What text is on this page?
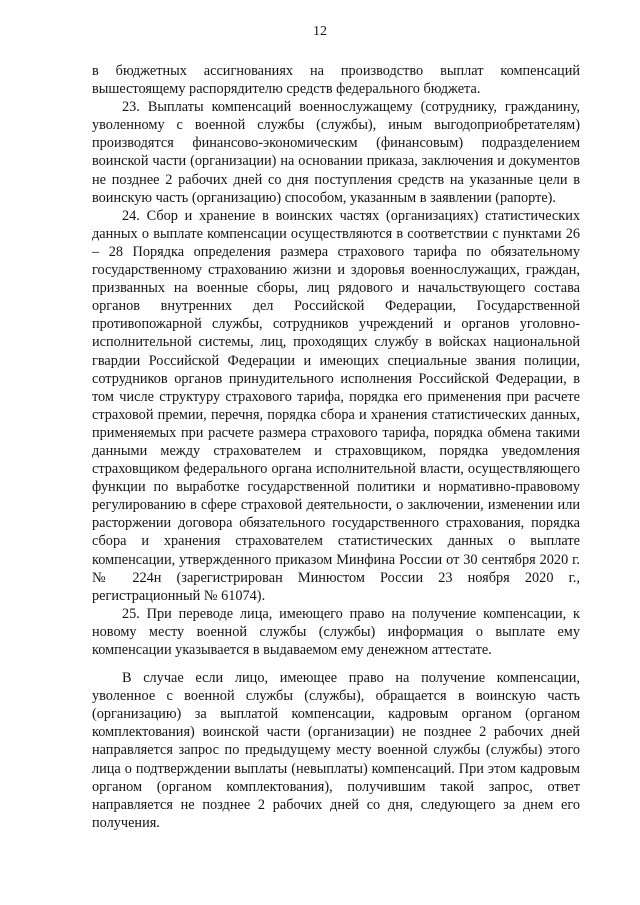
12

в бюджетных ассигнованиях на производство выплат компенсаций вышестоящему распорядителю средств федерального бюджета.

23. Выплаты компенсаций военнослужащему (сотруднику, гражданину, уволенному с военной службы (службы), иным выгодоприобретателям) производятся финансово-экономическим (финансовым) подразделением воинской части (организации) на основании приказа, заключения и документов не позднее 2 рабочих дней со дня поступления средств на указанные цели в воинскую часть (организацию) способом, указанным в заявлении (рапорте).

24. Сбор и хранение в воинских частях (организациях) статистических данных о выплате компенсации осуществляются в соответствии с пунктами 26 – 28 Порядка определения размера страхового тарифа по обязательному государственному страхованию жизни и здоровья военнослужащих, граждан, призванных на военные сборы, лиц рядового и начальствующего состава органов внутренних дел Российской Федерации, Государственной противопожарной службы, сотрудников учреждений и органов уголовно-исполнительной системы, лиц, проходящих службу в войсках национальной гвардии Российской Федерации и имеющих специальные звания полиции, сотрудников органов принудительного исполнения Российской Федерации, в том числе структуру страхового тарифа, порядка его применения при расчете страховой премии, перечня, порядка сбора и хранения статистических данных, применяемых при расчете размера страхового тарифа, порядка обмена такими данными между страхователем и страховщиком, порядка уведомления страховщиком федерального органа исполнительной власти, осуществляющего функции по выработке государственной политики и нормативно-правовому регулированию в сфере страховой деятельности, о заключении, изменении или расторжении договора обязательного государственного страхования, порядка сбора и хранения страхователем статистических данных о выплате компенсации, утвержденного приказом Минфина России от 30 сентября 2020 г. № 224н (зарегистрирован Минюстом России 23 ноября 2020 г., регистрационный № 61074).

25. При переводе лица, имеющего право на получение компенсации, к новому месту военной службы (службы) информация о выплате ему компенсации указывается в выдаваемом ему денежном аттестате.

В случае если лицо, имеющее право на получение компенсации, уволенное с военной службы (службы), обращается в воинскую часть (организацию) за выплатой компенсации, кадровым органом (органом комплектования) воинской части (организации) не позднее 2 рабочих дней направляется запрос по предыдущему месту военной службы (службы) этого лица о подтверждении выплаты (невыплаты) компенсаций. При этом кадровым органом (органом комплектования), получившим такой запрос, ответ направляется не позднее 2 рабочих дней со дня, следующего за днем его получения.
